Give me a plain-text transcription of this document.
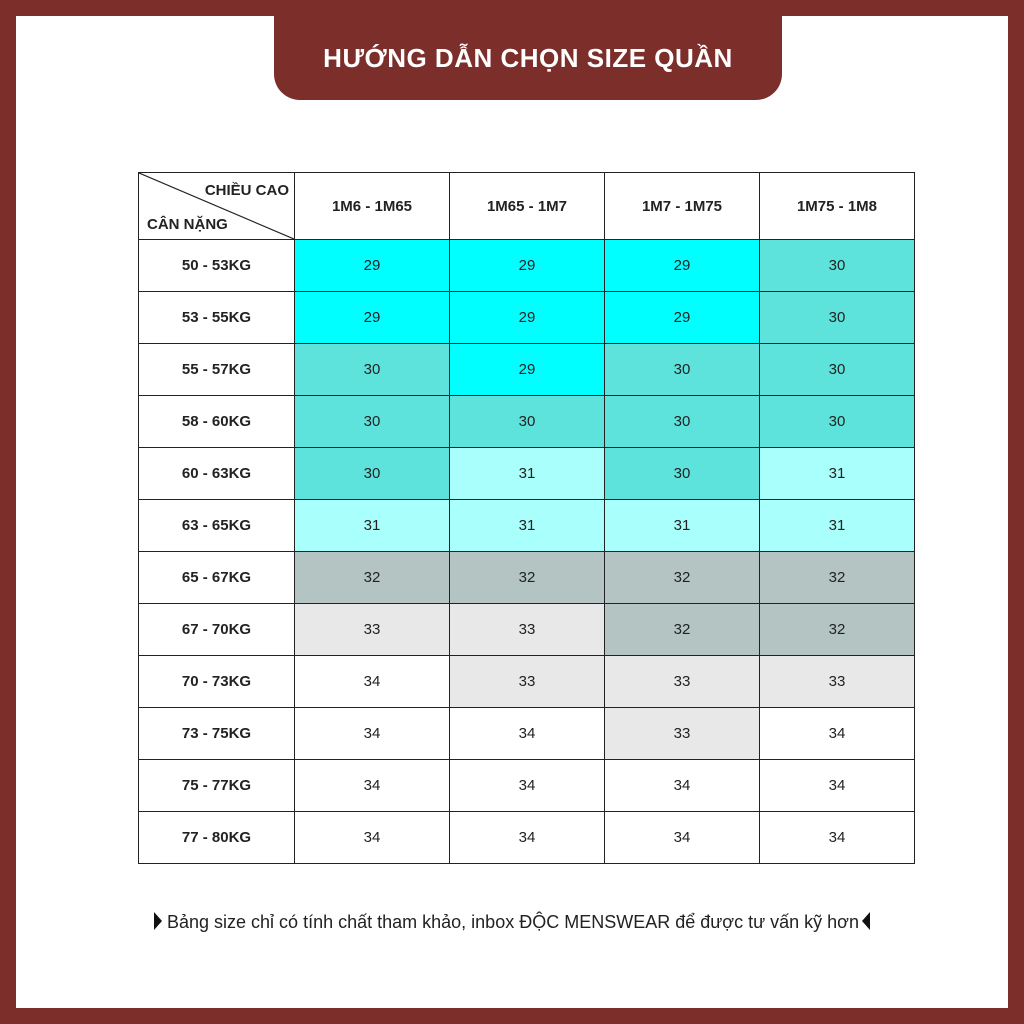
HƯỚNG DẪN CHỌN SIZE QUẦN
CHIỀU CAO
CÂN NẶNG	1M6 - 1M65	1M65 - 1M7	1M7 - 1M75	1M75 - 1M8
50 - 53KG	29	29	29	30
53 - 55KG	29	29	29	30
55 - 57KG	30	29	30	30
58 - 60KG	30	30	30	30
60 - 63KG	30	31	30	31
63 - 65KG	31	31	31	31
65 - 67KG	32	32	32	32
67 - 70KG	33	33	32	32
70 - 73KG	34	33	33	33
73 - 75KG	34	34	33	34
75 - 77KG	34	34	34	34
77 - 80KG	34	34	34	34
Bảng size chỉ có tính chất tham khảo, inbox ĐỘC MENSWEAR để được tư vấn kỹ hơn
